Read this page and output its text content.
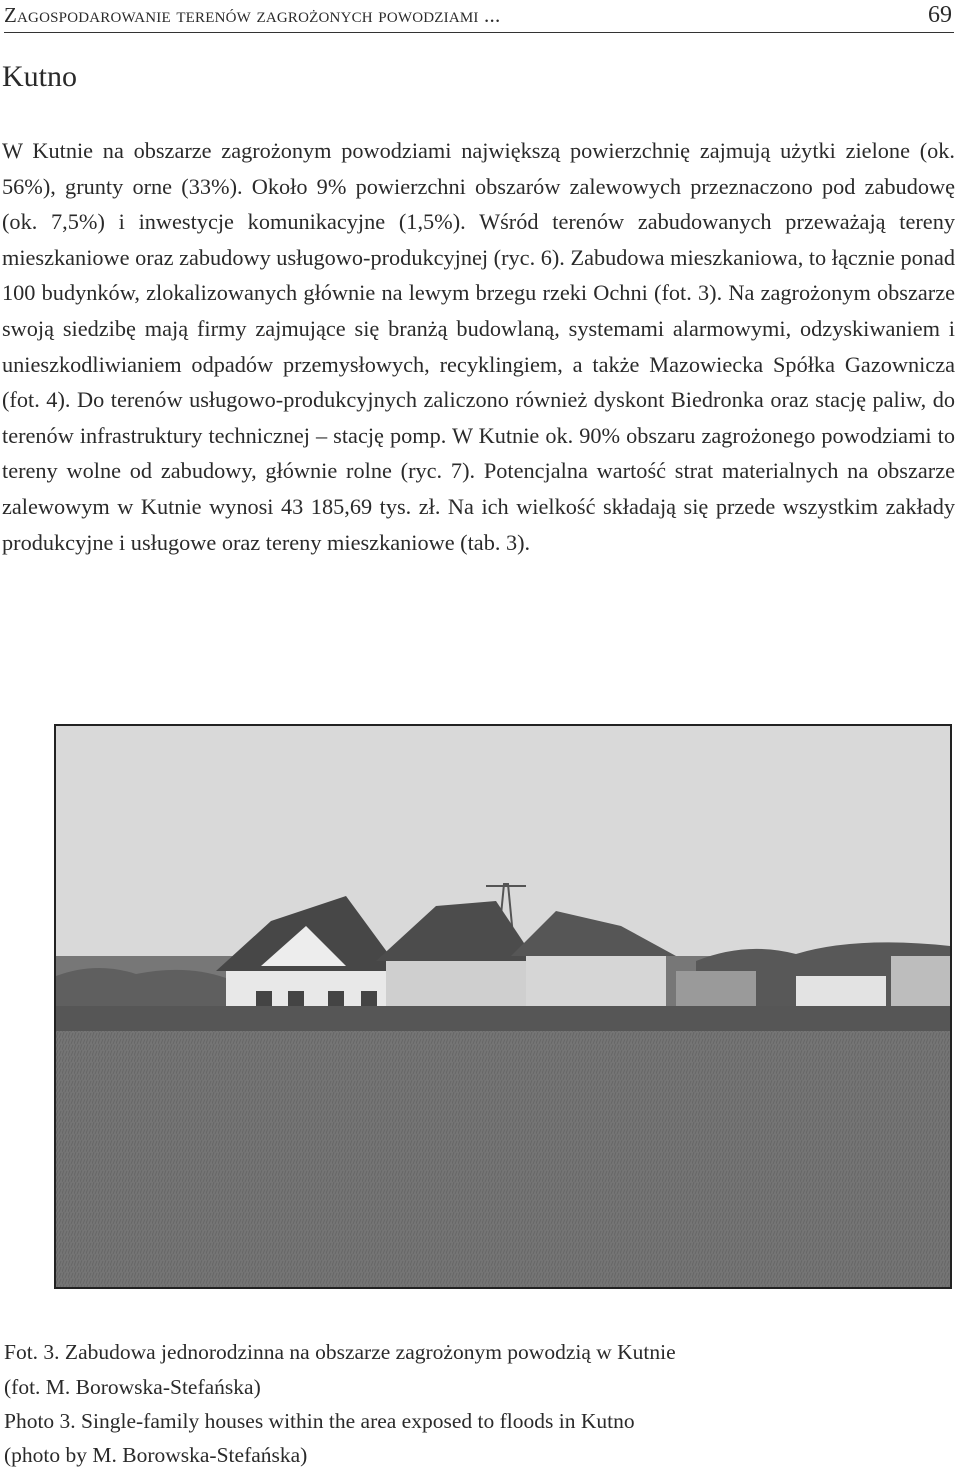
Zagospodarowanie terenów zagrożonych powodziami ...	69
Kutno

W Kutnie na obszarze zagrożonym powodziami największą powierzchnię zajmują użytki zielone (ok. 56%), grunty orne (33%). Około 9% powierzchni obszarów zalewowych przeznaczono pod zabudowę (ok. 7,5%) i inwestycje komunikacyjne (1,5%). Wśród terenów zabudowanych przeważają tereny mieszkaniowe oraz zabudowy usługowo-produkcyjnej (ryc. 6). Zabudowa mieszkaniowa, to łącznie ponad 100 budynków, zlokalizowanych głównie na lewym brzegu rzeki Ochni (fot. 3). Na zagrożonym obszarze swoją siedzibę mają firmy zajmujące się branżą budowlaną, systemami alarmowymi, odzyskiwaniem i unieszkodliwianiem odpadów przemysłowych, recyklingiem, a także Mazowiecka Spółka Gazownicza (fot. 4). Do terenów usługowo-produkcyjnych zaliczono również dyskont Biedronka oraz stację paliw, do terenów infrastruktury technicznej – stację pomp. W Kutnie ok. 90% obszaru zagrożonego powodziami to tereny wolne od zabudowy, głównie rolne (ryc. 7). Potencjalna wartość strat materialnych na obszarze zalewowym w Kutnie wynosi 43 185,69 tys. zł. Na ich wielkość składają się przede wszystkim zakłady produkcyjne i usługowe oraz tereny mieszkaniowe (tab. 3).

Fot. 3. Zabudowa jednorodzinna na obszarze zagrożonym powodzią w Kutnie
(fot. M. Borowska-Stefańska)
Photo 3. Single-family houses within the area exposed to floods in Kutno
(photo by M. Borowska-Stefańska)
